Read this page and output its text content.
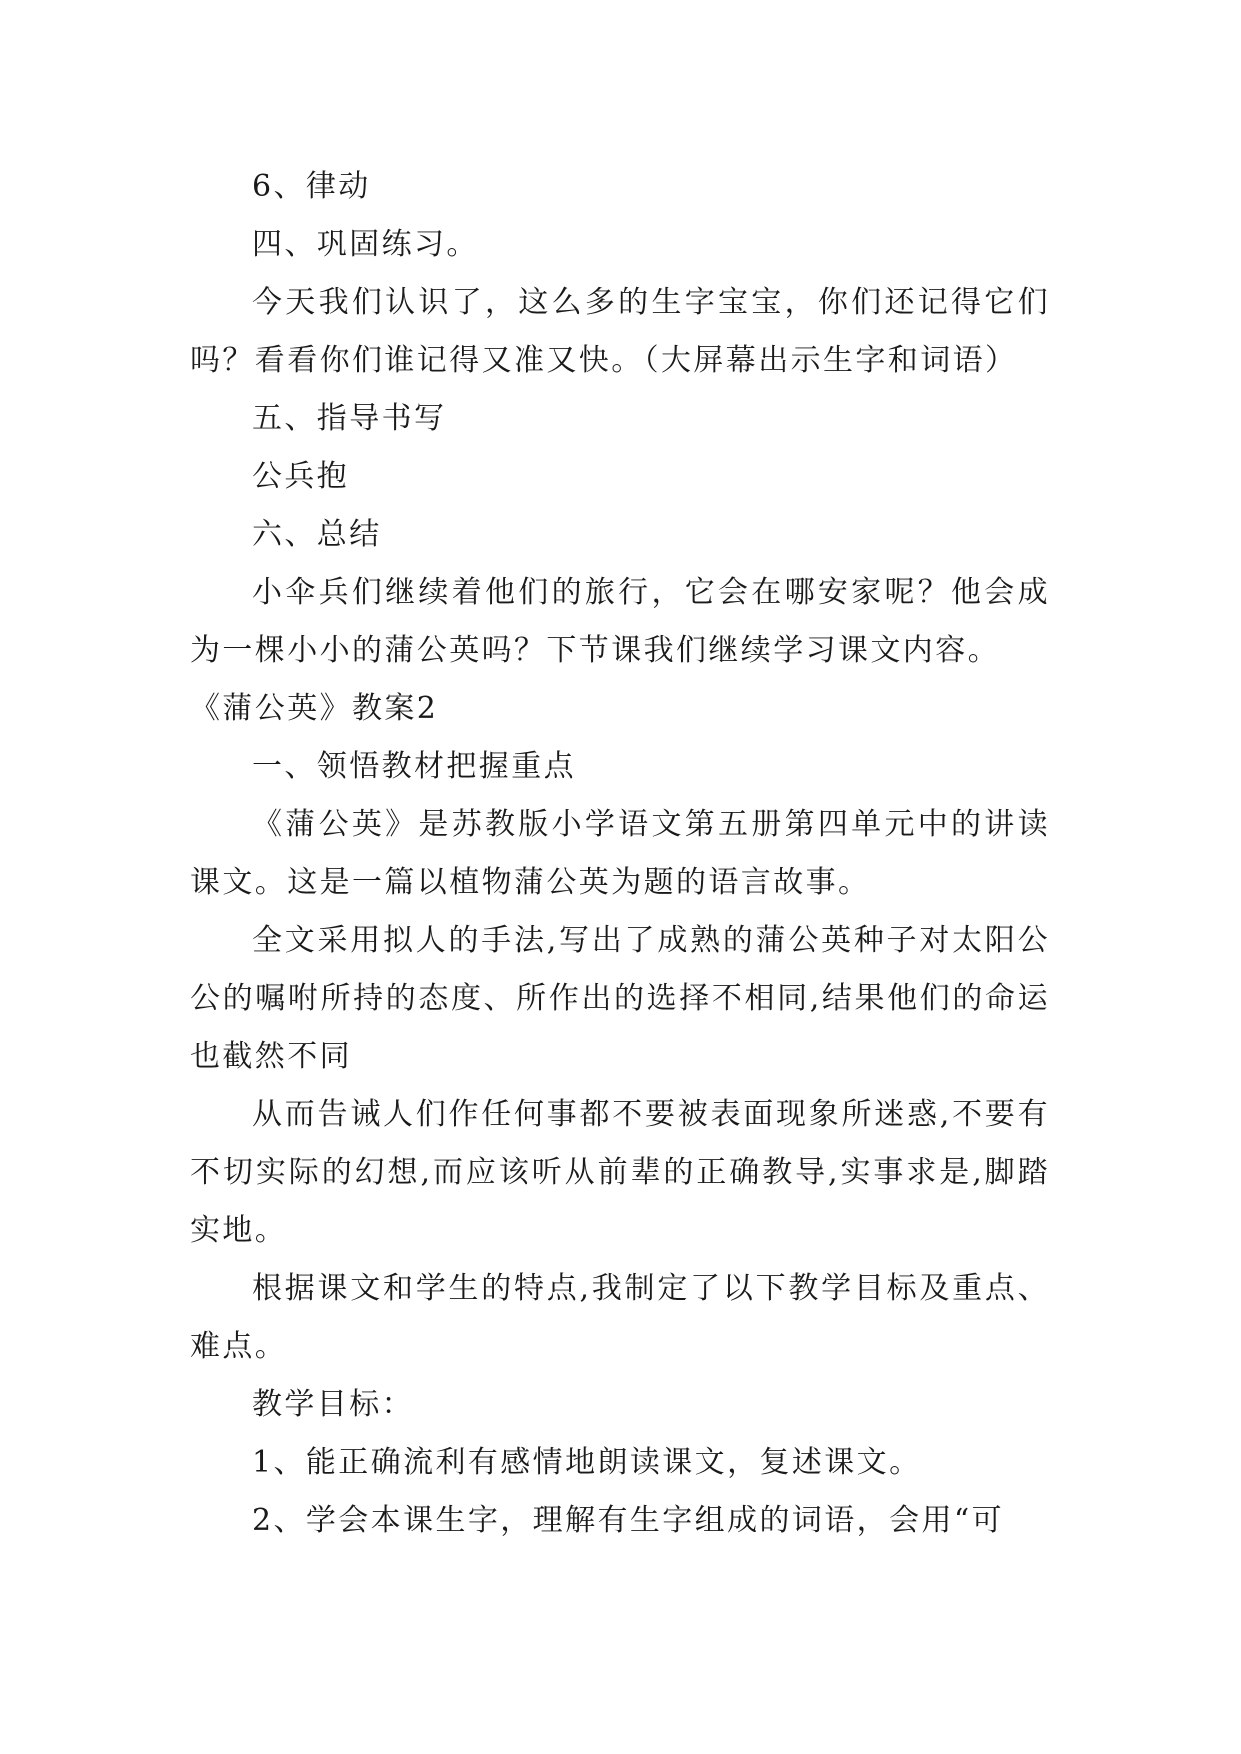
6、律动

四、巩固练习。

今天我们认识了，这么多的生字宝宝，你们还记得它们吗？看看你们谁记得又准又快。（大屏幕出示生字和词语）

五、指导书写

公兵抱

六、总结

小伞兵们继续着他们的旅行，它会在哪安家呢？他会成为一棵小小的蒲公英吗？下节课我们继续学习课文内容。

《蒲公英》教案2

一、领悟教材把握重点

《蒲公英》是苏教版小学语文第五册第四单元中的讲读课文。这是一篇以植物蒲公英为题的语言故事。

全文采用拟人的手法,写出了成熟的蒲公英种子对太阳公公的嘱咐所持的态度、所作出的选择不相同,结果他们的命运也截然不同

从而告诫人们作任何事都不要被表面现象所迷惑,不要有不切实际的幻想,而应该听从前辈的正确教导,实事求是,脚踏实地。

根据课文和学生的特点,我制定了以下教学目标及重点、难点。

教学目标：

1、能正确流利有感情地朗读课文，复述课文。

2、学会本课生字，理解有生字组成的词语，会用“可
